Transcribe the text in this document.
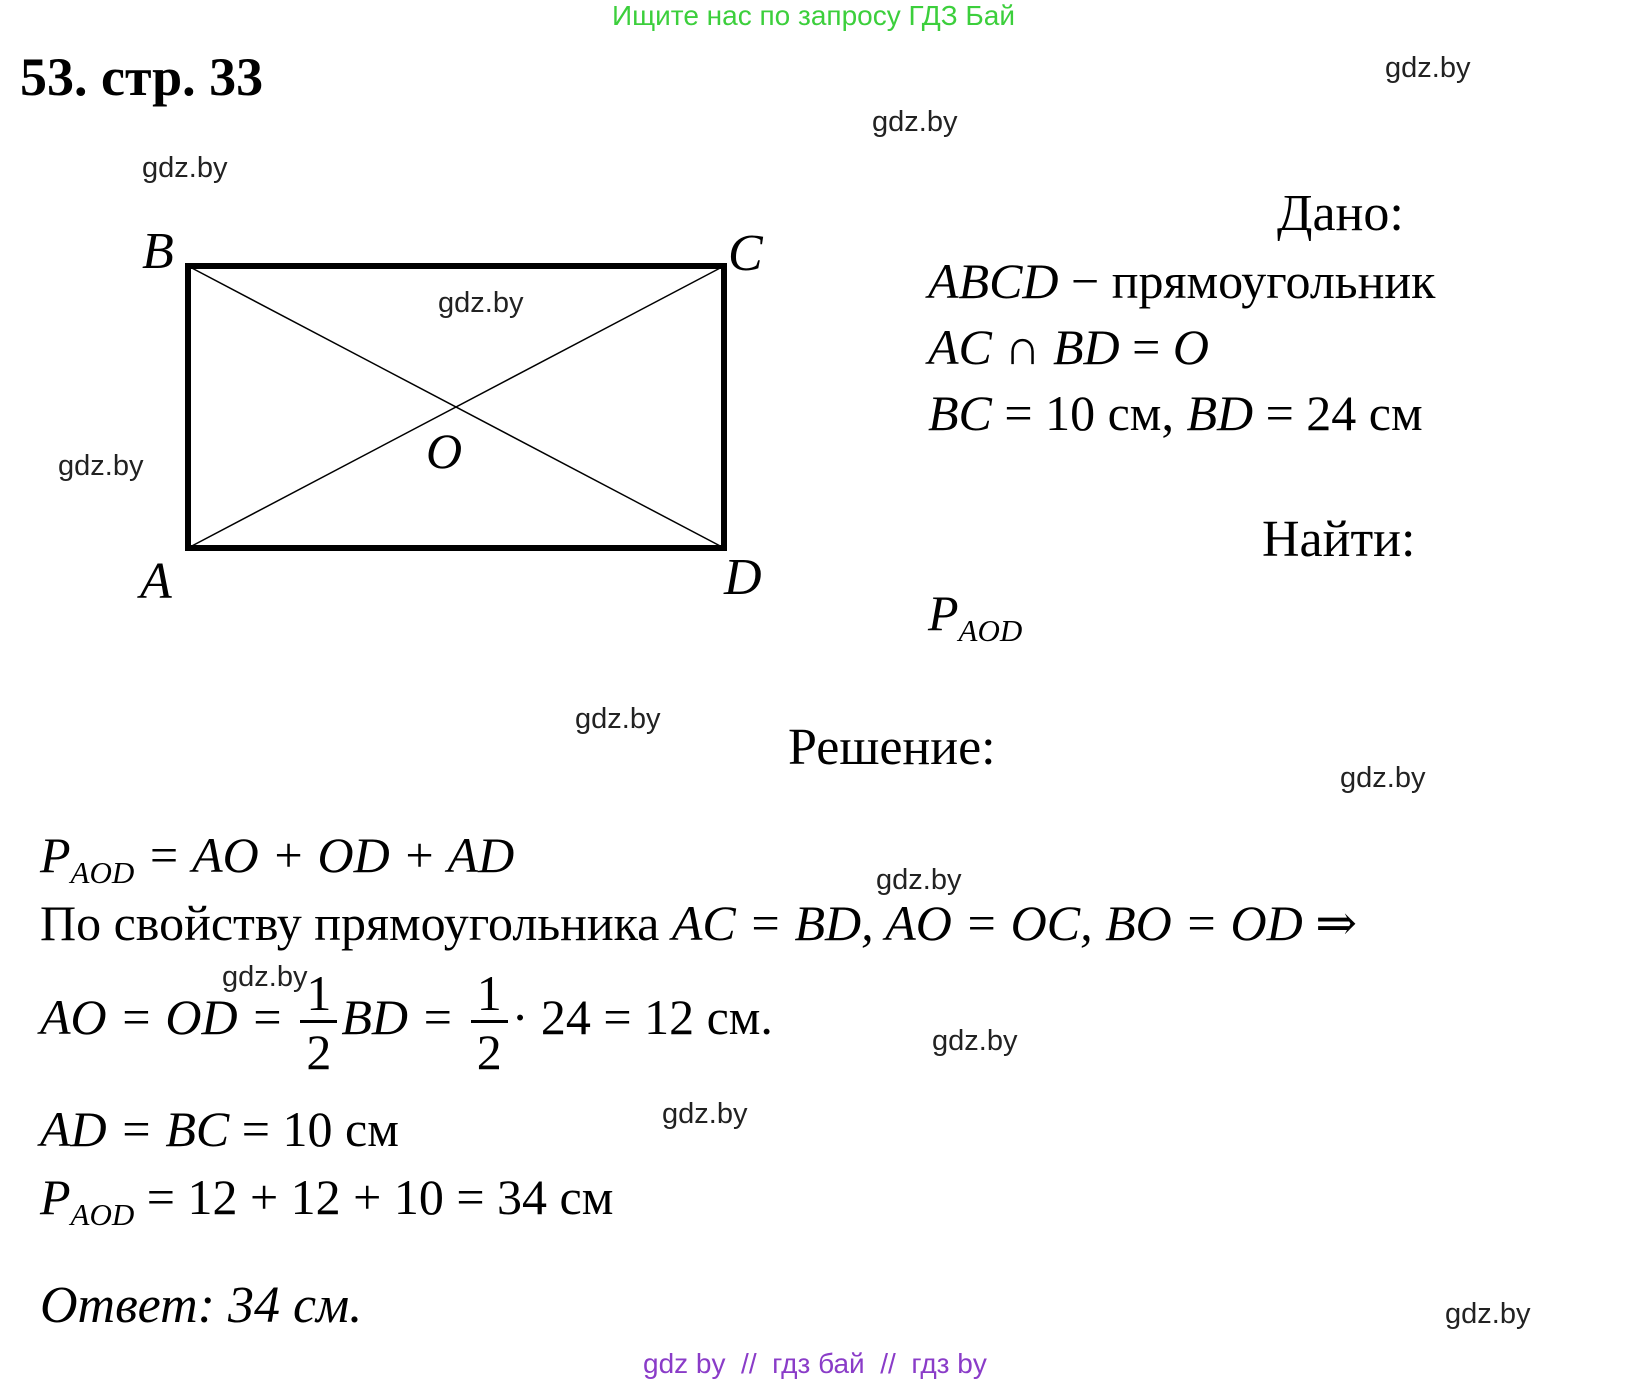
Ищите нас по запросу ГДЗ Бай
53. стр. 33	gdz.by
gdz.by
gdz.by
gdz.by
gdz.by
gdz.by
gdz.by
gdz.by
gdz.by
gdz.by
gdz.by
gdz.by
B	C
A	D
O
Дано:
ABCD − прямоугольник
AC ∩ BD = O
BC = 10 см, BD = 24 см
Найти:
$P_{AOD}$
Решение:
$P_{AOD}$ = AO + OD + AD
По свойству прямоугольника AC = BD, AO = OC, BO = OD ⇒
AO = OD = $\frac{1}{2}$ BD = $\frac{1}{2} \cdot 24 = 12$ см.
AD = BC = 10 см
$P_{AOD} = 12 + 12 + 10 = 34$ см
Ответ: 34 см.
gdz by  //  гдз бай  //  гдз by
